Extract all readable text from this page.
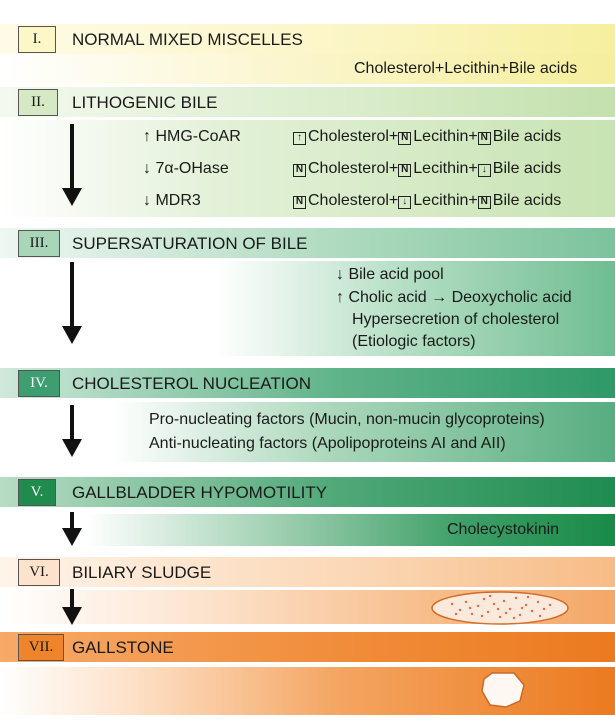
I.	NORMAL MIXED MISCELLES
Cholesterol+Lecithin+Bile acids
II.	LITHOGENIC BILE
↑ HMG-CoAR	↑ Cholesterol+ N Lecithin+ N Bile acids
↓ 7α-OHase	N Cholesterol+ N Lecithin+ ↓ Bile acids
↓ MDR3	N Cholesterol+ ↓ Lecithin+ N Bile acids
III.	SUPERSATURATION OF BILE
↓ Bile acid pool
↑ Cholic acid → Deoxycholic acid
Hypersecretion of cholesterol
(Etiologic factors)
IV.	CHOLESTEROL NUCLEATION
Pro-nucleating factors (Mucin, non-mucin glycoproteins)
Anti-nucleating factors (Apolipoproteins AI and AII)
V.	GALLBLADDER HYPOMOTILITY
Cholecystokinin
VI.	BILIARY SLUDGE
VII.	GALLSTONE
